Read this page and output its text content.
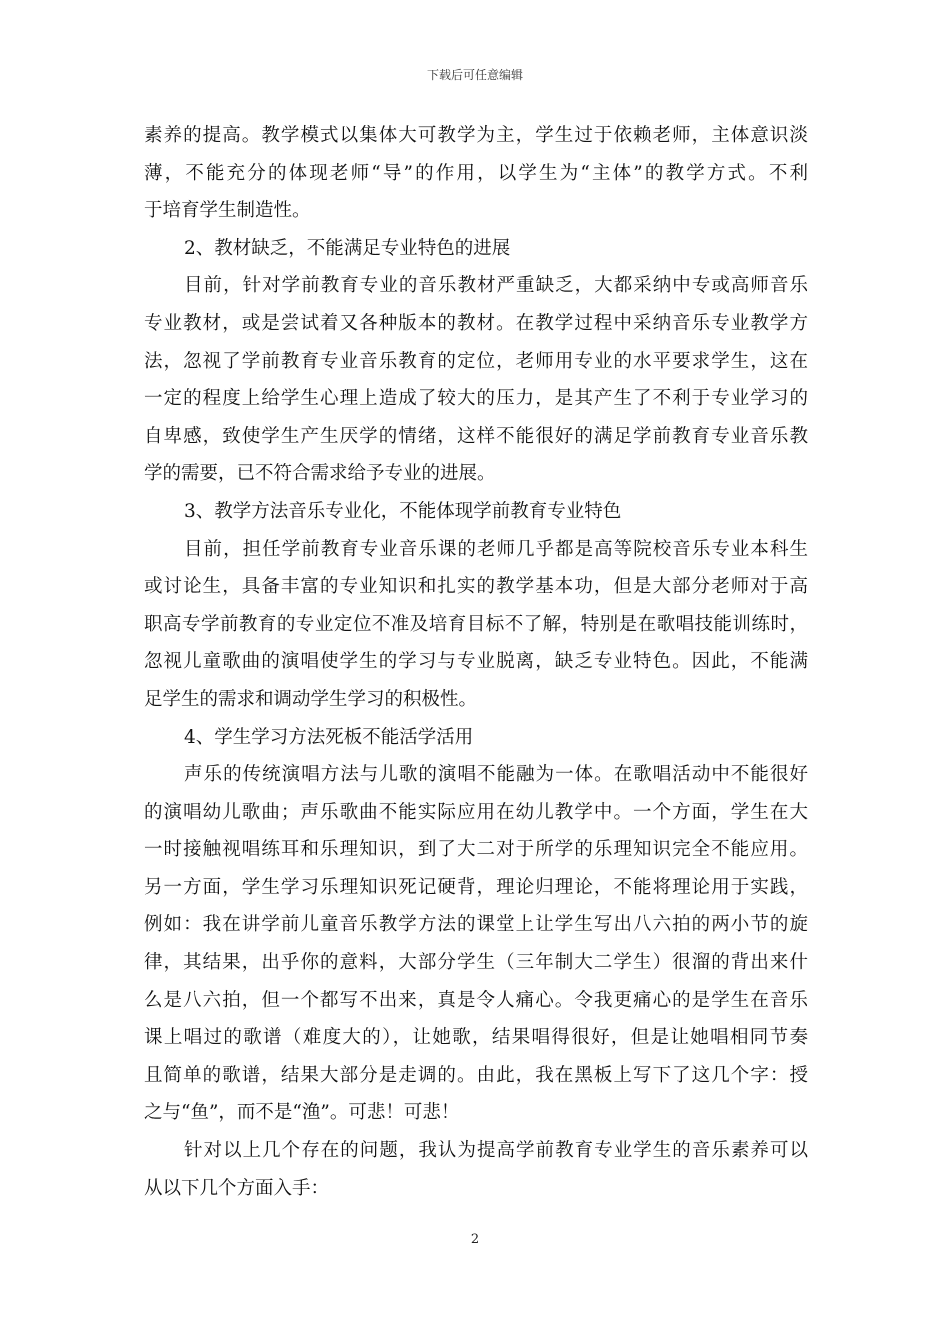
下载后可任意编辑
素养的提高。教学模式以集体大可教学为主，学生过于依赖老师，主体意识淡
薄，不能充分的体现老师“导”的作用，以学生为“主体”的教学方式。不利
于培育学生制造性。
2、教材缺乏，不能满足专业特色的进展
目前，针对学前教育专业的音乐教材严重缺乏，大都采纳中专或高师音乐
专业教材，或是尝试着又各种版本的教材。在教学过程中采纳音乐专业教学方
法，忽视了学前教育专业音乐教育的定位，老师用专业的水平要求学生，这在
一定的程度上给学生心理上造成了较大的压力，是其产生了不利于专业学习的
自卑感，致使学生产生厌学的情绪，这样不能很好的满足学前教育专业音乐教
学的需要，已不符合需求给予专业的进展。
3、教学方法音乐专业化，不能体现学前教育专业特色
目前，担任学前教育专业音乐课的老师几乎都是高等院校音乐专业本科生
或讨论生，具备丰富的专业知识和扎实的教学基本功，但是大部分老师对于高
职高专学前教育的专业定位不准及培育目标不了解，特别是在歌唱技能训练时，
忽视儿童歌曲的演唱使学生的学习与专业脱离，缺乏专业特色。因此，不能满
足学生的需求和调动学生学习的积极性。
4、学生学习方法死板不能活学活用
声乐的传统演唱方法与儿歌的演唱不能融为一体。在歌唱活动中不能很好
的演唱幼儿歌曲；声乐歌曲不能实际应用在幼儿教学中。一个方面，学生在大
一时接触视唱练耳和乐理知识，到了大二对于所学的乐理知识完全不能应用。
另一方面，学生学习乐理知识死记硬背，理论归理论，不能将理论用于实践，
例如：我在讲学前儿童音乐教学方法的课堂上让学生写出八六拍的两小节的旋
律，其结果，出乎你的意料，大部分学生（三年制大二学生）很溜的背出来什
么是八六拍，但一个都写不出来，真是令人痛心。令我更痛心的是学生在音乐
课上唱过的歌谱（难度大的），让她歌，结果唱得很好，但是让她唱相同节奏
且简单的歌谱，结果大部分是走调的。由此，我在黑板上写下了这几个字：授
之与“鱼”，而不是“渔”。可悲！可悲！
针对以上几个存在的问题，我认为提高学前教育专业学生的音乐素养可以
从以下几个方面入手：
2
